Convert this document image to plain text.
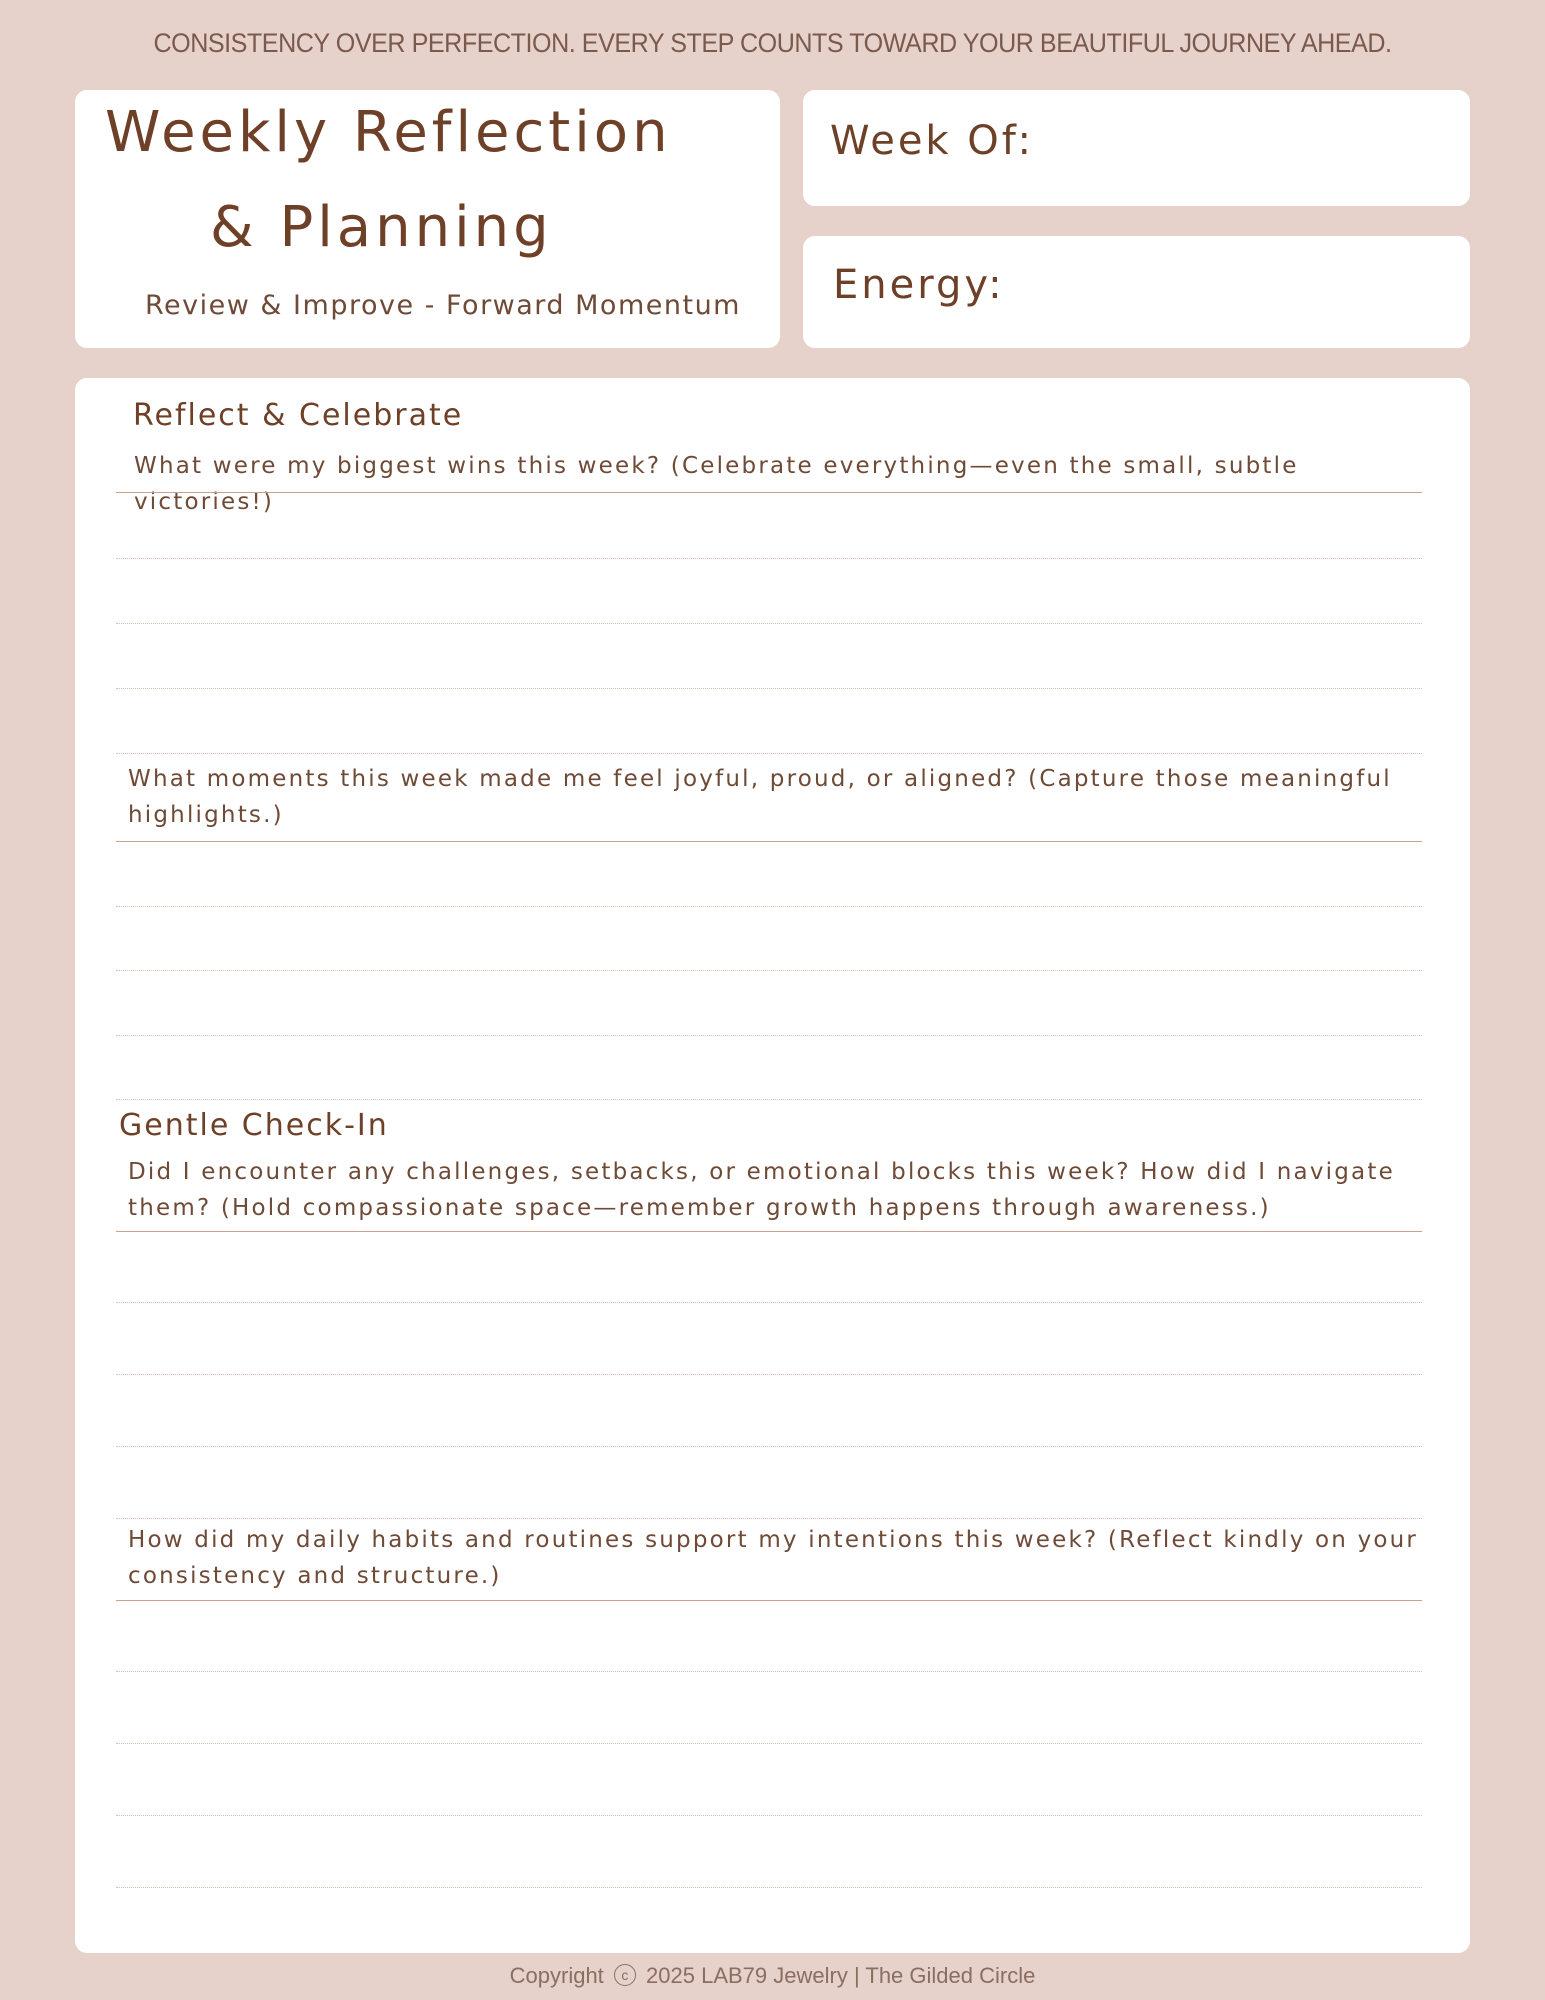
CONSISTENCY OVER PERFECTION. EVERY STEP COUNTS TOWARD YOUR BEAUTIFUL JOURNEY AHEAD.
Weekly Reflection
& Planning
Review & Improve - Forward Momentum
Week Of:
Energy:
Reflect & Celebrate
What were my biggest wins this week? (Celebrate everything—even the small, subtle victories!)
What moments this week made me feel joyful, proud, or aligned? (Capture those meaningful highlights.)
Gentle Check-In
Did I encounter any challenges, setbacks, or emotional blocks this week? How did I navigate them? (Hold compassionate space—remember growth happens through awareness.)
How did my daily habits and routines support my intentions this week? (Reflect kindly on your consistency and structure.)
Copyright c 2025 LAB79 Jewelry | The Gilded Circle
